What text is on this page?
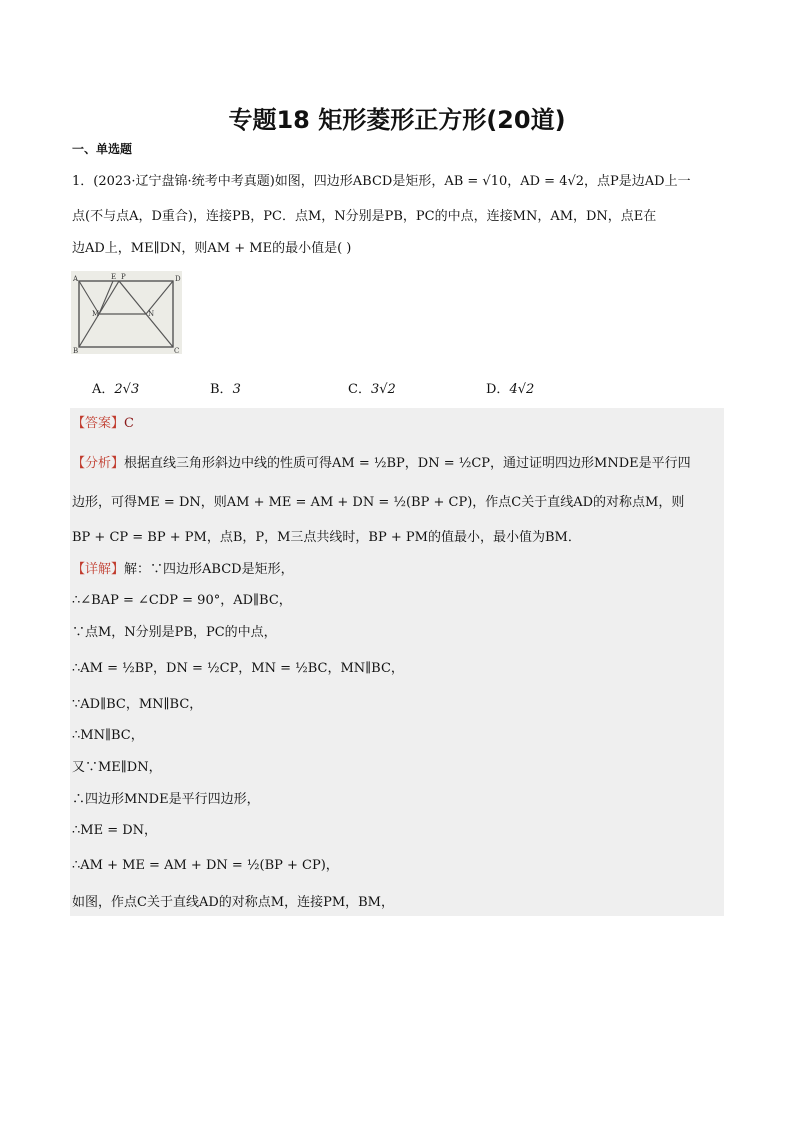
专题18 矩形菱形正方形(20道)
一、单选题
1．(2023·辽宁盘锦·统考中考真题)如图，四边形ABCD是矩形，AB = √10，AD = 4√2，点P是边AD上一
点(不与点A，D重合)，连接PB，PC．点M，N分别是PB，PC的中点，连接MN，AM，DN，点E在
边AD上，ME∥DN，则AM + ME的最小值是( )
A	E P	D
M	N
B	C
A．2√3	B．3	C．3√2	D．4√2
【答案】C
【分析】根据直线三角形斜边中线的性质可得AM = ½BP，DN = ½CP，通过证明四边形MNDE是平行四
边形，可得ME = DN，则AM + ME = AM + DN = ½(BP + CP)，作点C关于直线AD的对称点M，则
BP + CP = BP + PM，点B，P，M三点共线时，BP + PM的值最小，最小值为BM．
【详解】解：∵四边形ABCD是矩形，
∴∠BAP = ∠CDP = 90°，AD∥BC，
∵点M，N分别是PB，PC的中点，
∴AM = ½BP，DN = ½CP，MN = ½BC，MN∥BC，
∵AD∥BC，MN∥BC，
∴MN∥BC，
又∵ME∥DN，
∴四边形MNDE是平行四边形，
∴ME = DN，
∴AM + ME = AM + DN = ½(BP + CP)，
如图，作点C关于直线AD的对称点M，连接PM，BM，
